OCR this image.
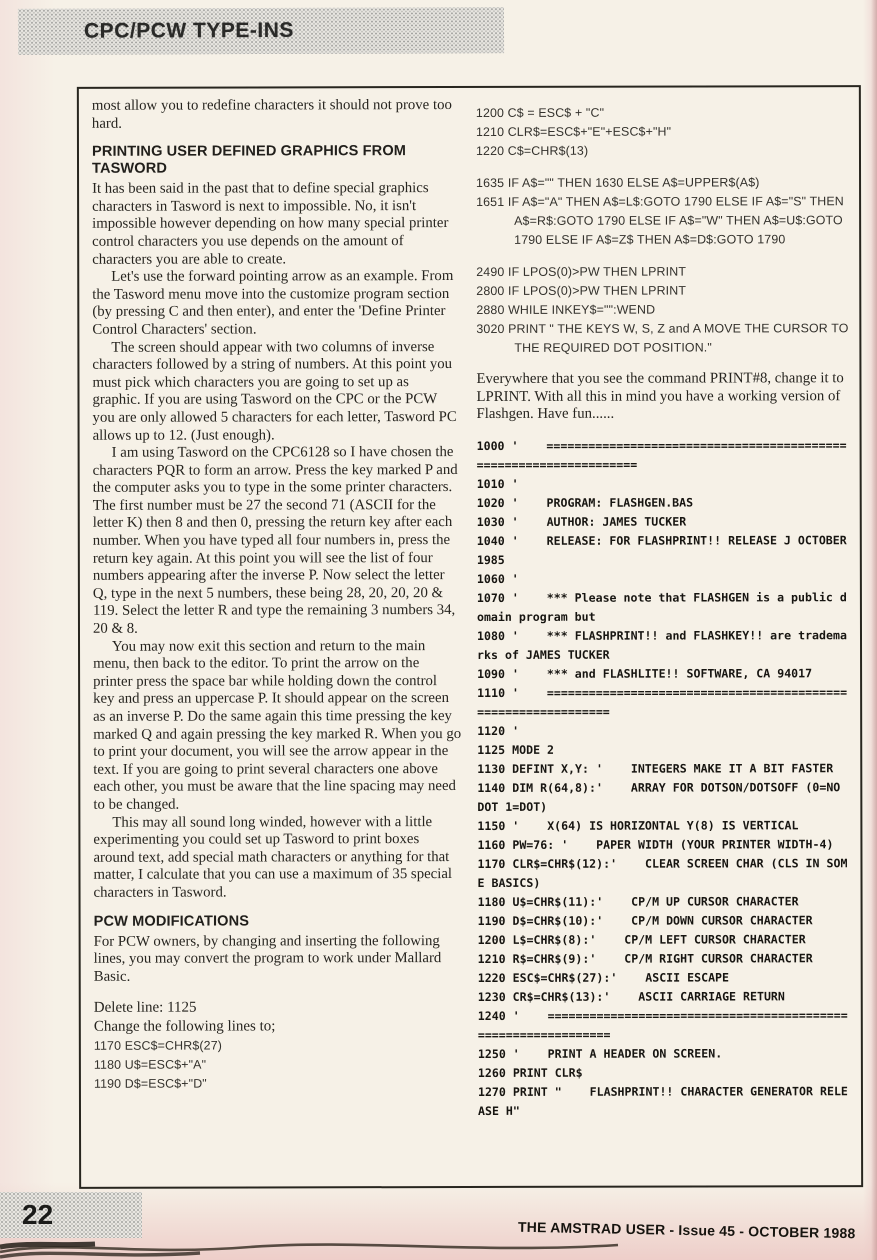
CPC/PCW TYPE-INS
most allow you to redefine characters it should not prove too hard.
PRINTING USER DEFINED GRAPHICS FROM TASWORD
It has been said in the past that to define special graphics characters in Tasword is next to impossible. No, it isn't impossible however depending on how many special printer control characters you use depends on the amount of characters you are able to create.
Let's use the forward pointing arrow as an example. From the Tasword menu move into the customize program section (by pressing C and then enter), and enter the 'Define Printer Control Characters' section.
The screen should appear with two columns of inverse characters followed by a string of numbers. At this point you must pick which characters you are going to set up as graphic. If you are using Tasword on the CPC or the PCW you are only allowed 5 characters for each letter, Tasword PC allows up to 12. (Just enough).
I am using Tasword on the CPC6128 so I have chosen the characters PQR to form an arrow. Press the key marked P and the computer asks you to type in the some printer characters. The first number must be 27 the second 71 (ASCII for the letter K) then 8 and then 0, pressing the return key after each number. When you have typed all four numbers in, press the return key again. At this point you will see the list of four numbers appearing after the inverse P. Now select the letter Q, type in the next 5 numbers, these being 28, 20, 20, 20 & 119. Select the letter R and type the remaining 3 numbers 34, 20 & 8.
You may now exit this section and return to the main menu, then back to the editor. To print the arrow on the printer press the space bar while holding down the control key and press an uppercase P. It should appear on the screen as an inverse P. Do the same again this time pressing the key marked Q and again pressing the key marked R. When you go to print your document, you will see the arrow appear in the text. If you are going to print several characters one above each other, you must be aware that the line spacing may need to be changed.
This may all sound long winded, however with a little experimenting you could set up Tasword to print boxes around text, add special math characters or anything for that matter, I calculate that you can use a maximum of 35 special characters in Tasword.
PCW MODIFICATIONS
For PCW owners, by changing and inserting the following lines, you may convert the program to work under Mallard Basic.
Delete line: 1125
Change the following lines to;
1170 ESC$=CHR$(27)
1180 U$=ESC$+"A"
1190 D$=ESC$+"D"
1200 C$ = ESC$ + "C"
1210 CLR$=ESC$+"E"+ESC$+"H"
1220 C$=CHR$(13)
1635 IF A$="" THEN 1630 ELSE A$=UPPER$(A$)
1651 IF A$="A" THEN A$=L$:GOTO 1790 ELSE IF A$="S" THEN A$=R$:GOTO 1790 ELSE IF A$="W" THEN A$=U$:GOTO 1790 ELSE IF A$=Z$ THEN A$=D$:GOTO 1790
2490 IF LPOS(0)>PW THEN LPRINT
2800 IF LPOS(0)>PW THEN LPRINT
2880 WHILE INKEY$="":WEND
3020 PRINT " THE KEYS W, S, Z and A MOVE THE CURSOR TO THE REQUIRED DOT POSITION."
Everywhere that you see the command PRINT#8, change it to LPRINT. With all this in mind you have a working version of Flashgen. Have fun......
1000 '    ==================================================================
1010 '
1020 '    PROGRAM: FLASHGEN.BAS
1030 '    AUTHOR: JAMES TUCKER
1040 '    RELEASE: FOR FLASHPRINT!! RELEASE J OCTOBER 1985
1060 '
1070 '    *** Please note that FLASHGEN is a public domain program but
1080 '    *** FLASHPRINT!! and FLASHKEY!! are trademarks of JAMES TUCKER
1090 '    *** and FLASHLITE!! SOFTWARE, CA 94017
1110 '    ==============================================================
1120 '
1125 MODE 2
1130 DEFINT X,Y: '    INTEGERS MAKE IT A BIT FASTER
1140 DIM R(64,8):'    ARRAY FOR DOTSON/DOTSOFF (0=NO DOT 1=DOT)
1150 '    X(64) IS HORIZONTAL Y(8) IS VERTICAL
1160 PW=76: '    PAPER WIDTH (YOUR PRINTER WIDTH-4)
1170 CLR$=CHR$(12):'    CLEAR SCREEN CHAR (CLS IN SOME BASICS)
1180 U$=CHR$(11):'    CP/M UP CURSOR CHARACTER
1190 D$=CHR$(10):'    CP/M DOWN CURSOR CHARACTER
1200 L$=CHR$(8):'    CP/M LEFT CURSOR CHARACTER
1210 R$=CHR$(9):'    CP/M RIGHT CURSOR CHARACTER
1220 ESC$=CHR$(27):'    ASCII ESCAPE
1230 CR$=CHR$(13):'    ASCII CARRIAGE RETURN
1240 '    ==============================================================
1250 '    PRINT A HEADER ON SCREEN.
1260 PRINT CLR$
1270 PRINT "    FLASHPRINT!! CHARACTER GENERATOR RELEASE H"
22	THE AMSTRAD USER - Issue 45 - OCTOBER 1988
